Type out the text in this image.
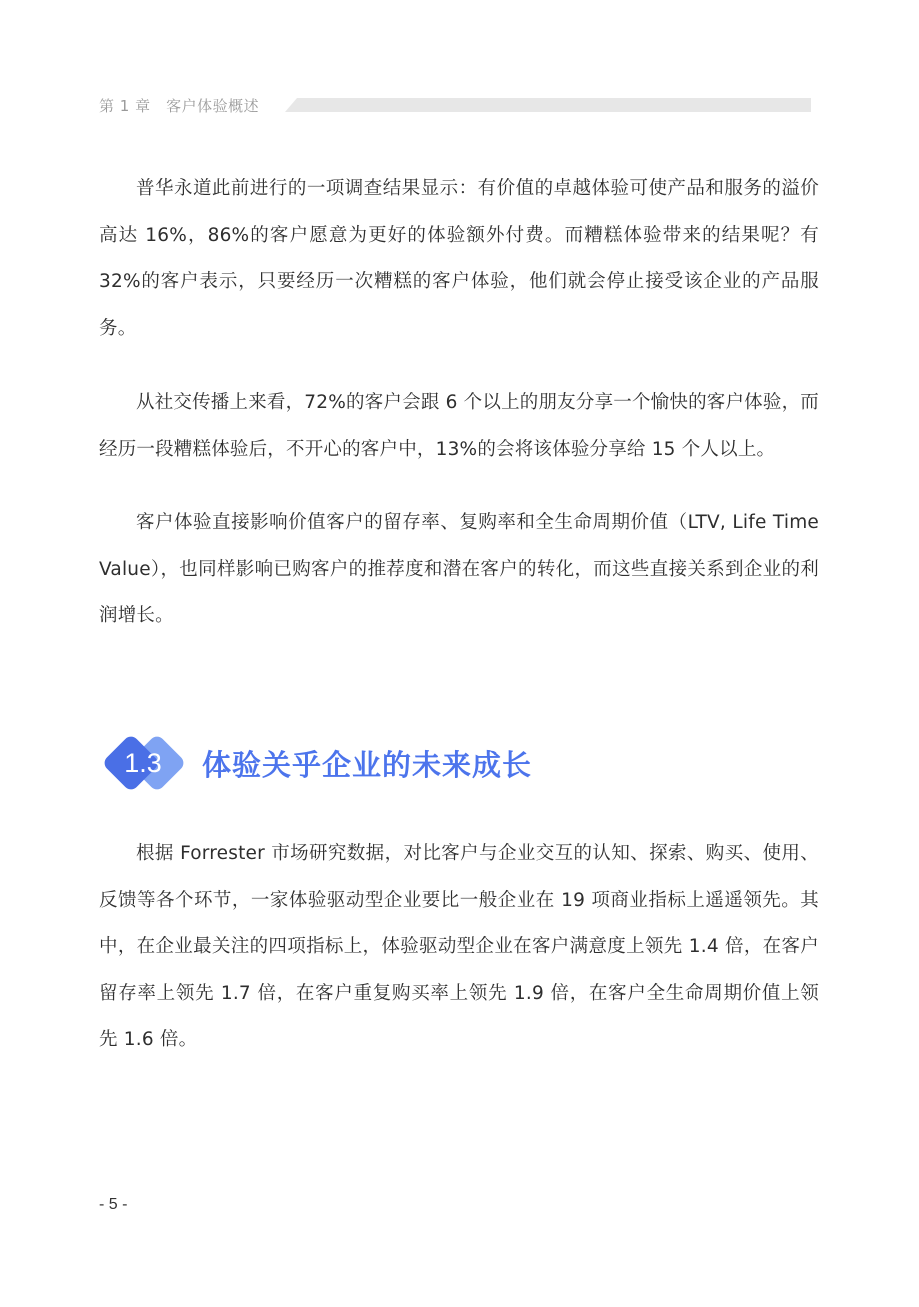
第 1 章　客户体验概述

普华永道此前进行的一项调查结果显示：有价值的卓越体验可使产品和服务的溢价高达 16%，86%的客户愿意为更好的体验额外付费。而糟糕体验带来的结果呢？有 32%的客户表示，只要经历一次糟糕的客户体验，他们就会停止接受该企业的产品服务。

从社交传播上来看，72%的客户会跟 6 个以上的朋友分享一个愉快的客户体验，而经历一段糟糕体验后，不开心的客户中，13%的会将该体验分享给 15 个人以上。

客户体验直接影响价值客户的留存率、复购率和全生命周期价值（LTV, Life Time Value），也同样影响已购客户的推荐度和潜在客户的转化，而这些直接关系到企业的利润增长。

1.3	体验关乎企业的未来成长

根据 Forrester 市场研究数据，对比客户与企业交互的认知、探索、购买、使用、反馈等各个环节，一家体验驱动型企业要比一般企业在 19 项商业指标上遥遥领先。其中，在企业最关注的四项指标上，体验驱动型企业在客户满意度上领先 1.4 倍，在客户留存率上领先 1.7 倍，在客户重复购买率上领先 1.9 倍，在客户全生命周期价值上领先 1.6 倍。

- 5 -
